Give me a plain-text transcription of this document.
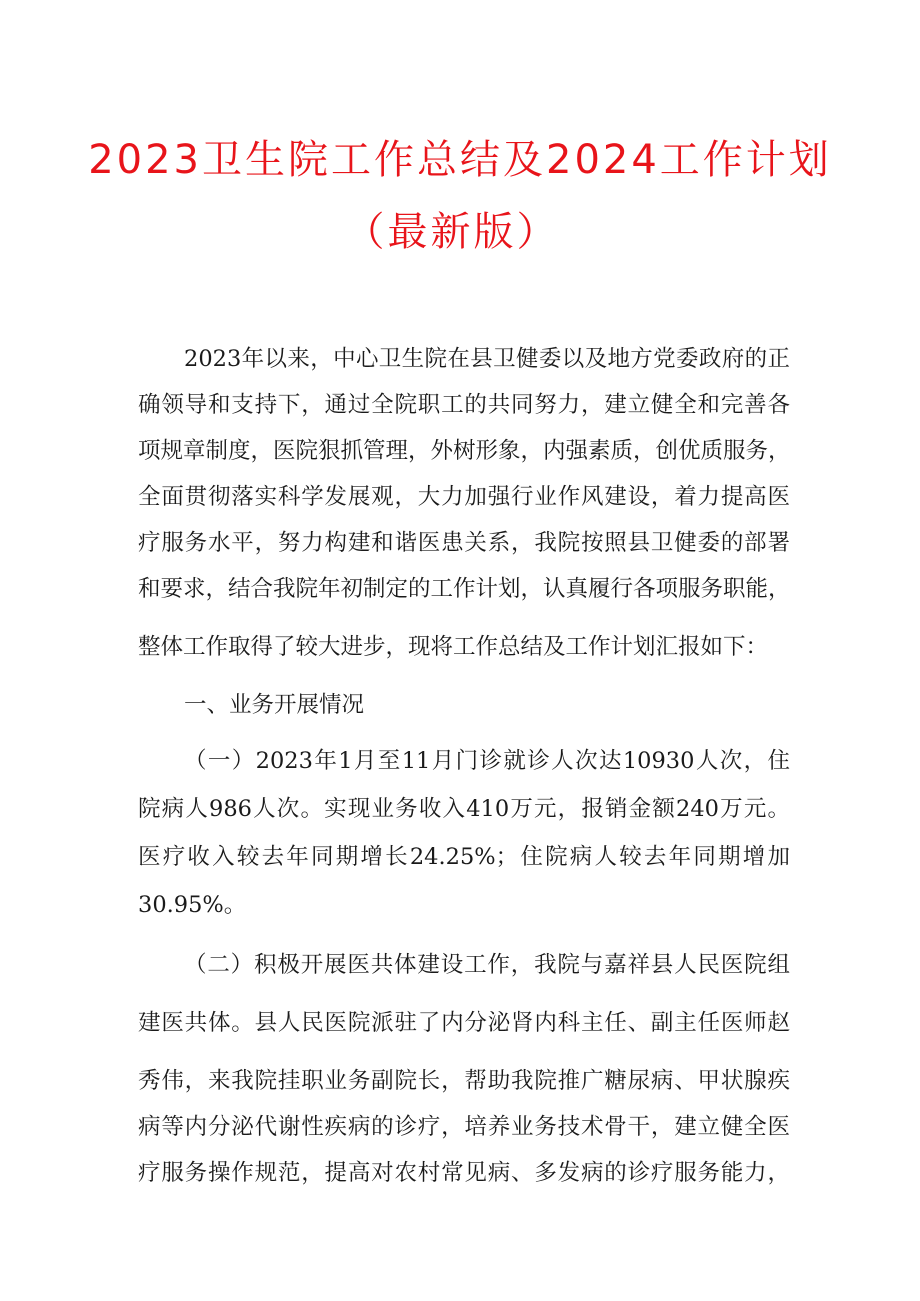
2023卫生院工作总结及2024工作计划
（最新版）
2023年以来，中心卫生院在县卫健委以及地方党委政府的正
确领导和支持下，通过全院职工的共同努力，建立健全和完善各
项规章制度，医院狠抓管理，外树形象，内强素质，创优质服务，
全面贯彻落实科学发展观，大力加强行业作风建设，着力提高医
疗服务水平，努力构建和谐医患关系，我院按照县卫健委的部署
和要求，结合我院年初制定的工作计划，认真履行各项服务职能，
整体工作取得了较大进步，现将工作总结及工作计划汇报如下：
一、业务开展情况
（一）2023年1月至11月门诊就诊人次达10930人次，住
院病人986人次。实现业务收入410万元，报销金额240万元。
医疗收入较去年同期增长24.25%；住院病人较去年同期增加
30.95%。
（二）积极开展医共体建设工作，我院与嘉祥县人民医院组
建医共体。县人民医院派驻了内分泌肾内科主任、副主任医师赵
秀伟，来我院挂职业务副院长，帮助我院推广糖尿病、甲状腺疾
病等内分泌代谢性疾病的诊疗，培养业务技术骨干，建立健全医
疗服务操作规范，提高对农村常见病、多发病的诊疗服务能力，
